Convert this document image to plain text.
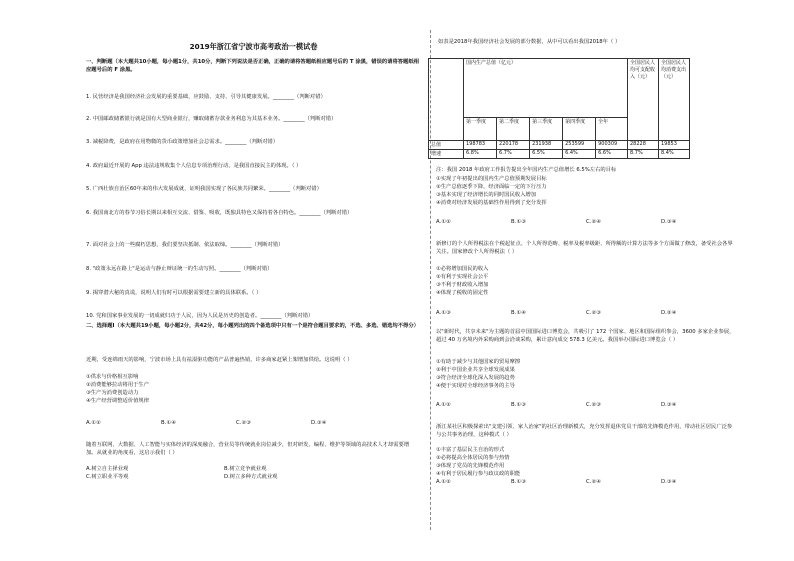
2019年浙江省宁波市高考政治一模试卷
一、判断题（本大题共10小题，每小题1分，共10分，判断下列说法是否正确，正确的请将答题纸相应题号后的 T 涂黑，错误的请将答题纸相应题号后的 F 涂黑。
1. 民营经济是我国经济社会发展的重要基础，应鼓励、支持、引导其健康发展。________（判断对错）
2. 中国邮政储蓄银行就是国有大型商业银行，赚取储蓄存款业务利息为其基本业务。________（判断对错）
3. 减税降费，是政府在用物微的货币政策增加社会总需求。________（判断对错）
4. 政府最近开展的 App 违法违规收集个人信息专项治理行动，是我国直接民主的体现。（ ）
5. 广西壮族自治区60年来的伟大发展成就，证明我国实现了各民族共同繁荣。________（判断对错）
6. 我国南北方的春节习俗长期以来相互交流、借鉴、吸收，既独具特色又保持着各自特色。________（判断对错）
7. 面对社会上的一些腐朽思想，我们要坚决抵制、依法取缔。________（判断对错）
8. "政策永远在路上"是运动与静止辩证统一的生动写照。________（判断对错）
9. 揭穿潜大秘的真谎，说明人们有时可以根据需要建立新的具体联系。（ ）
10. 党和国家事业发展的一切成就归功于人民，因为人民是历史的创造者。________（判断对错）
二、选择题Ⅰ（本大题共19小题，每小题2分，共42分，每小题列出的四个备选项中只有一个是符合题目要求的，不选、多选、错选均不得分）
近期，受连绵雨天的影响，宁波市场上具有祛湿驱功能的产品普遍热销，许多商家赶紧上架增加供给。这说明（ ）
①供求与价格相互影响
②消费能够拉动将用于生产
③生产为消费创造动力
④生产经营调整适价值规律
A.①②	B.①④	C.②③	D.③④
随着互联网、大数据、人工智能与实体经济的深度融合，营业员等传统就业岗位减少，但对研发、编程、维护等领域的高技术人才却需要增加。从就业的角度看，这启示我们（ ）
A.树立自主择业观	B.树立竞争就业观
C.树立职业平等观	D.树立多种方式就业观
如表是2018年我国经济社会发展的部分数据，从中可以看出我国2018年（ ）
	国内生产总值（亿元）					全国居民人均可支配收入（元）	全国居民人均消费支出（元）
	第一季度	第二季度	第三季度	第四季度	全年		
总值	198783	220178	231938	253599	900309	28228	19853
增速	6.8%	6.7%	6.5%	6.4%	6.6%	8.7%	8.4%
注：我国 2018 年政府工作报告提出全年国内生产总值增长 6.5%左右的目标
①实现了年初提出的国内生产总值预期发展目标
②生产总值逐季下降，经济面临一定的下行压力
③基本实现了经济增长的同时国民收入增加
④消费对经济发展的基础性作用得到了充分发挥
A.①②	B.①③	C.②④	D.③④
新修订的个人所得税法在个税起征点、个人所得范畴、税率及税率级距、所得额的计算方法等多个方面做了修改，备受社会各界关注。国家修改个人所得税法（ ）
①必将增加国民的收入
②有利于实现社会公平
③不利于财政收入增加
④体现了税收的固定性
A.①③	B.①④	C.②③	D.②④
以"新时代，共享未来"为主题的首届中国国际进口博览会，共吸引了 172 个国家、地区和国际组织参会，3600 多家企业参展，超过 40 万名境内外采购商到会洽谈采购，累计意向成交 578.3 亿美元。我国举办国际进口博览会（ ）
①有助于减少与其他国家的贸易摩擦
②利于中国企业共享全球发展成果
③符合经济全球化深入发展的趋势
④便于实现对全球经济事务的主导
A.①②	B.①③	C.②③	D.③④
浙江某社区积极探索出"支建引领、家人治家"的社区治理新模式，充分发挥退休党员干部的先锋模范作用，带动社区居民广泛参与公共事务治理，这种模式（ ）
①丰富了基层民主自治的形式
②必将提高全体居民的参与热情
③体现了党员的先锋模范作用
④有利于居民履行参与政议政的职能
A.①②	B.①③	C.②④	D.③④
